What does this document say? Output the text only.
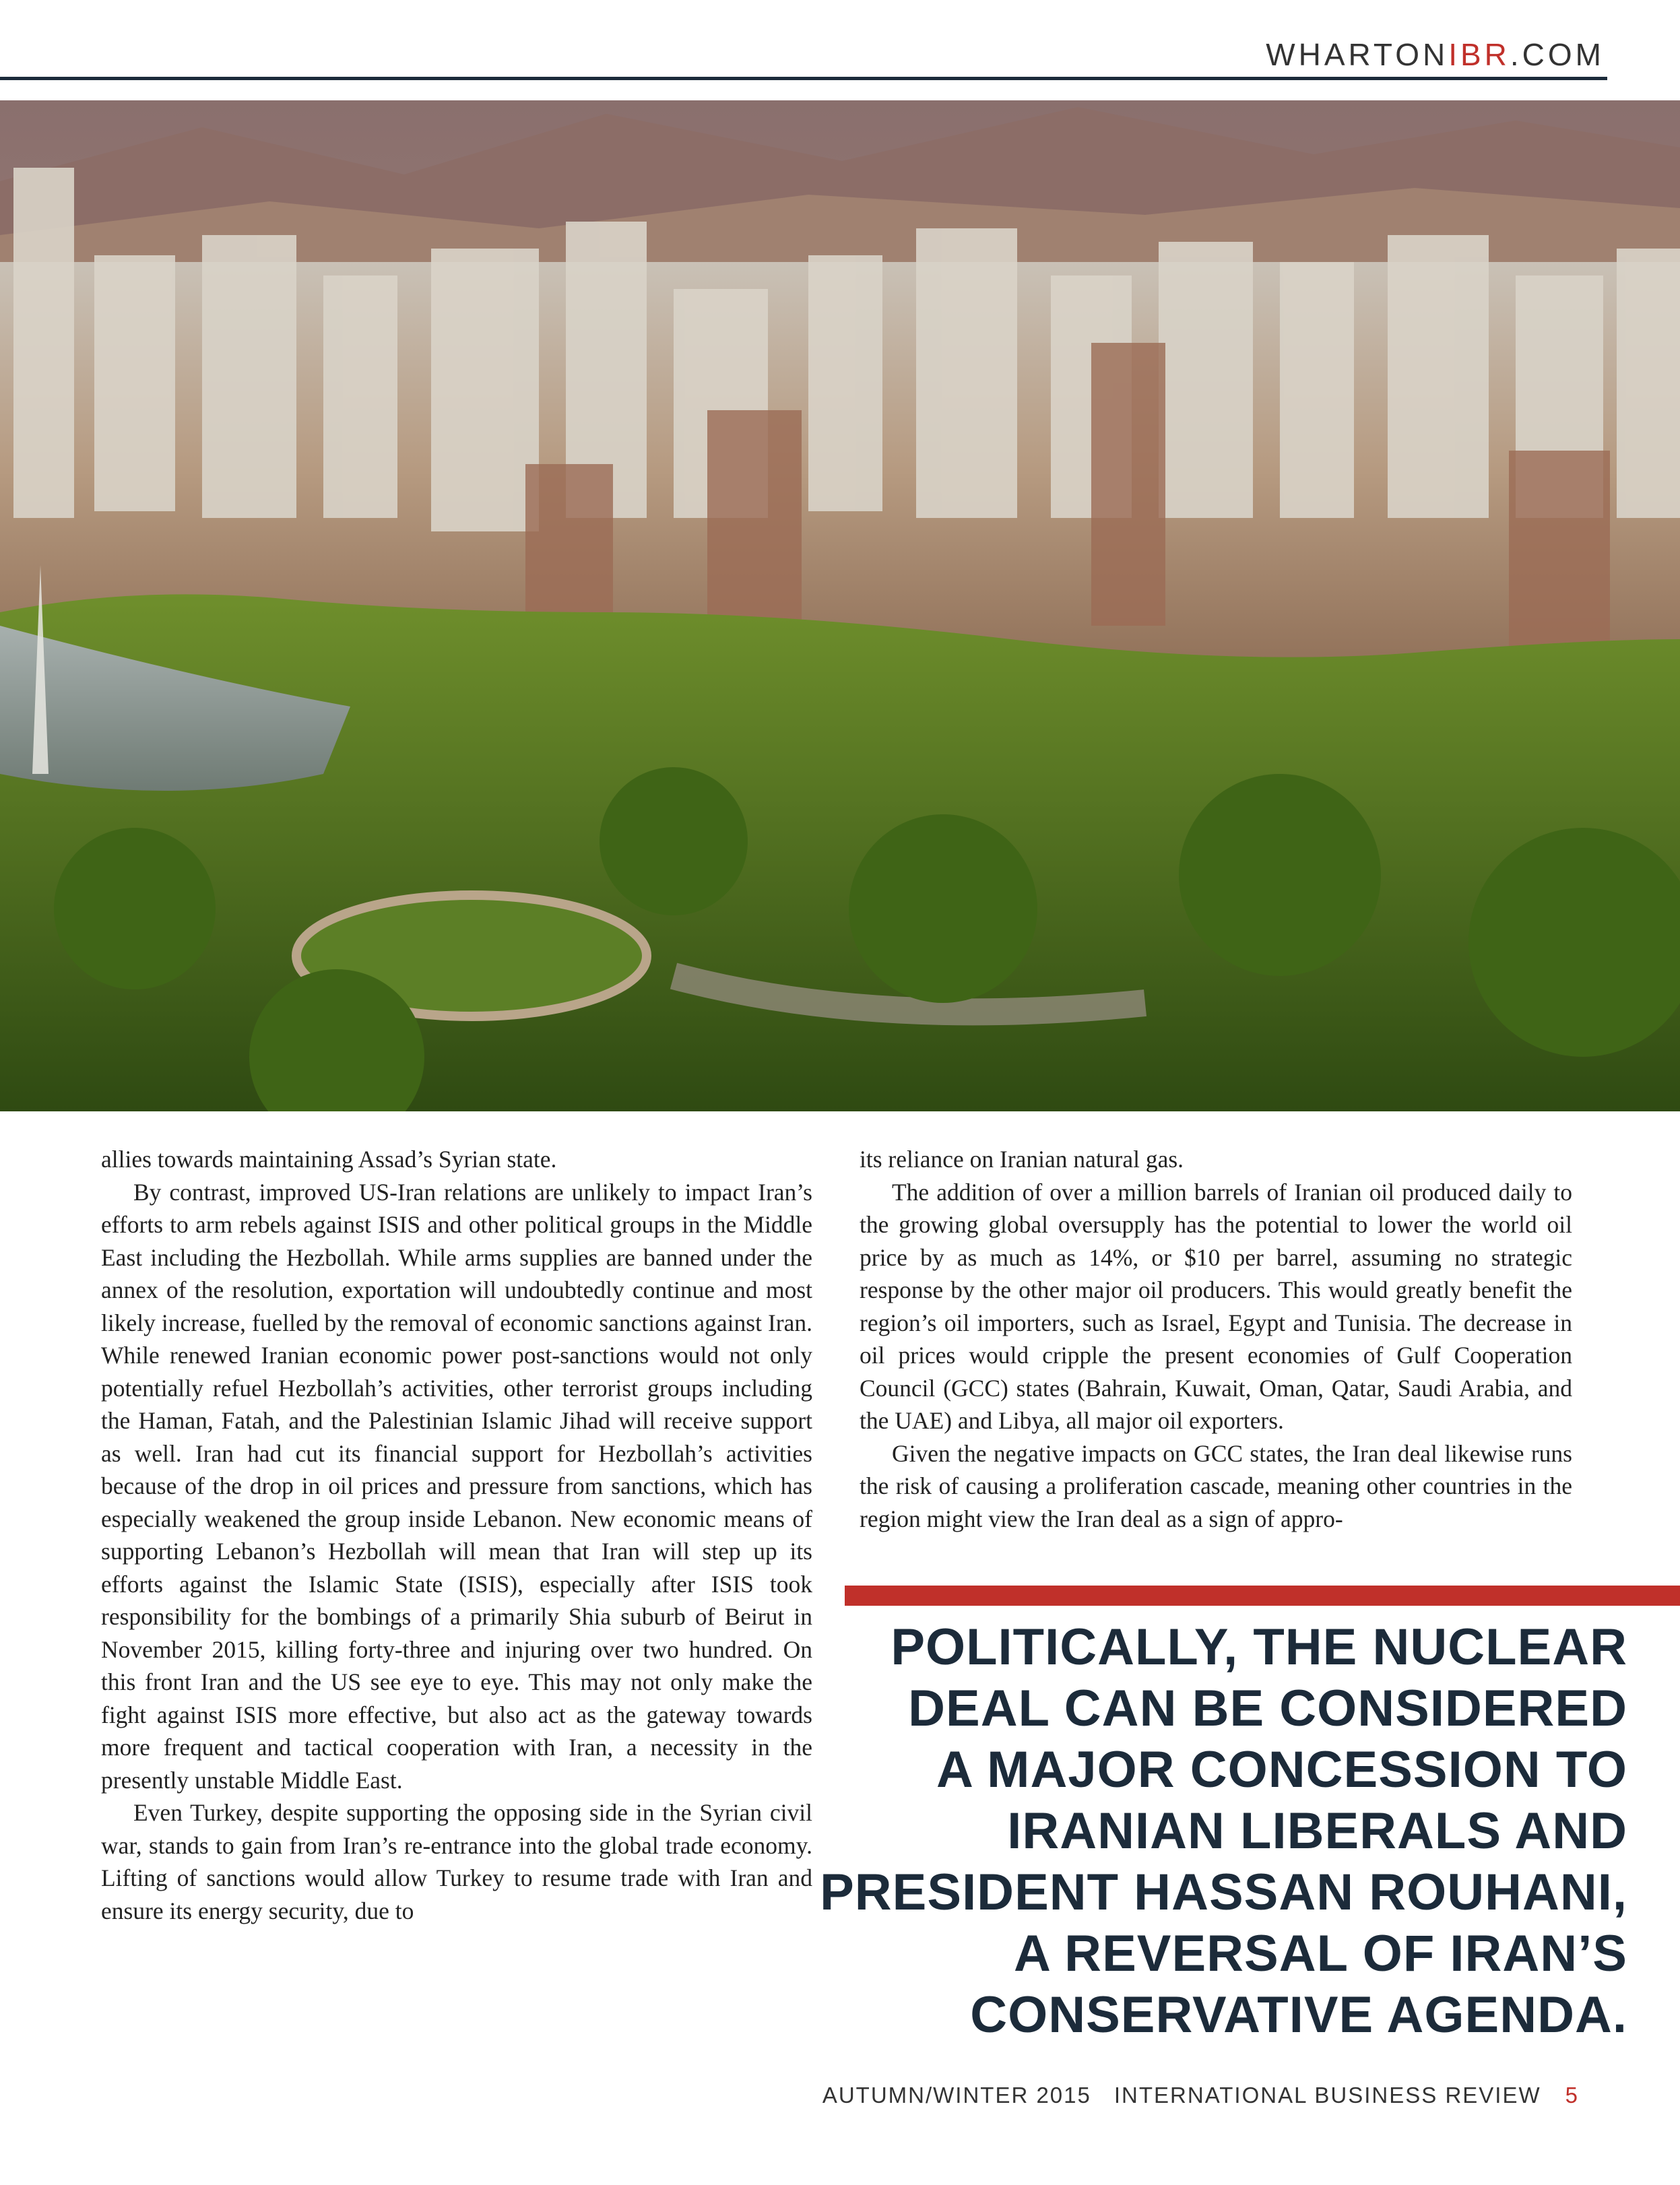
WHARTONIBR.COM

allies towards maintaining Assad’s Syrian state.

By contrast, improved US-Iran relations are unlikely to impact Iran’s efforts to arm rebels against ISIS and other political groups in the Middle East including the Hezbollah. While arms supplies are banned under the annex of the resolution, exportation will undoubtedly continue and most likely increase, fuelled by the removal of economic sanctions against Iran. While renewed Iranian economic power post-sanctions would not only potentially refuel Hezbollah’s activities, other terrorist groups including the Haman, Fatah, and the Palestinian Islamic Jihad will receive support as well. Iran had cut its financial support for Hezbollah’s activities because of the drop in oil prices and pressure from sanctions, which has especially weakened the group inside Lebanon. New economic means of supporting Lebanon’s Hezbollah will mean that Iran will step up its efforts against the Islamic State (ISIS), especially after ISIS took responsibility for the bombings of a primarily Shia suburb of Beirut in November 2015, killing forty-three and injuring over two hundred. On this front Iran and the US see eye to eye. This may not only make the fight against ISIS more effective, but also act as the gateway towards more frequent and tactical cooperation with Iran, a necessity in the presently unstable Middle East.

Even Turkey, despite supporting the opposing side in the Syrian civil war, stands to gain from Iran’s re-entrance into the global trade economy. Lifting of sanctions would allow Turkey to resume trade with Iran and ensure its energy security, due to

its reliance on Iranian natural gas.

The addition of over a million barrels of Iranian oil produced daily to the growing global oversupply has the potential to lower the world oil price by as much as 14%, or $10 per barrel, assuming no strategic response by the other major oil producers. This would greatly benefit the region’s oil importers, such as Israel, Egypt and Tunisia. The decrease in oil prices would cripple the present economies of Gulf Cooperation Council (GCC) states (Bahrain, Kuwait, Oman, Qatar, Saudi Arabia, and the UAE) and Libya, all major oil exporters.

Given the negative impacts on GCC states, the Iran deal likewise runs the risk of causing a proliferation cascade, meaning other countries in the region might view the Iran deal as a sign of appro-

POLITICALLY, THE NUCLEAR
DEAL CAN BE CONSIDERED
A MAJOR CONCESSION TO
IRANIAN LIBERALS AND
PRESIDENT HASSAN ROUHANI,
A REVERSAL OF IRAN’S
CONSERVATIVE AGENDA.
AUTUMN/WINTER 2015 INTERNATIONAL BUSINESS REVIEW 5
